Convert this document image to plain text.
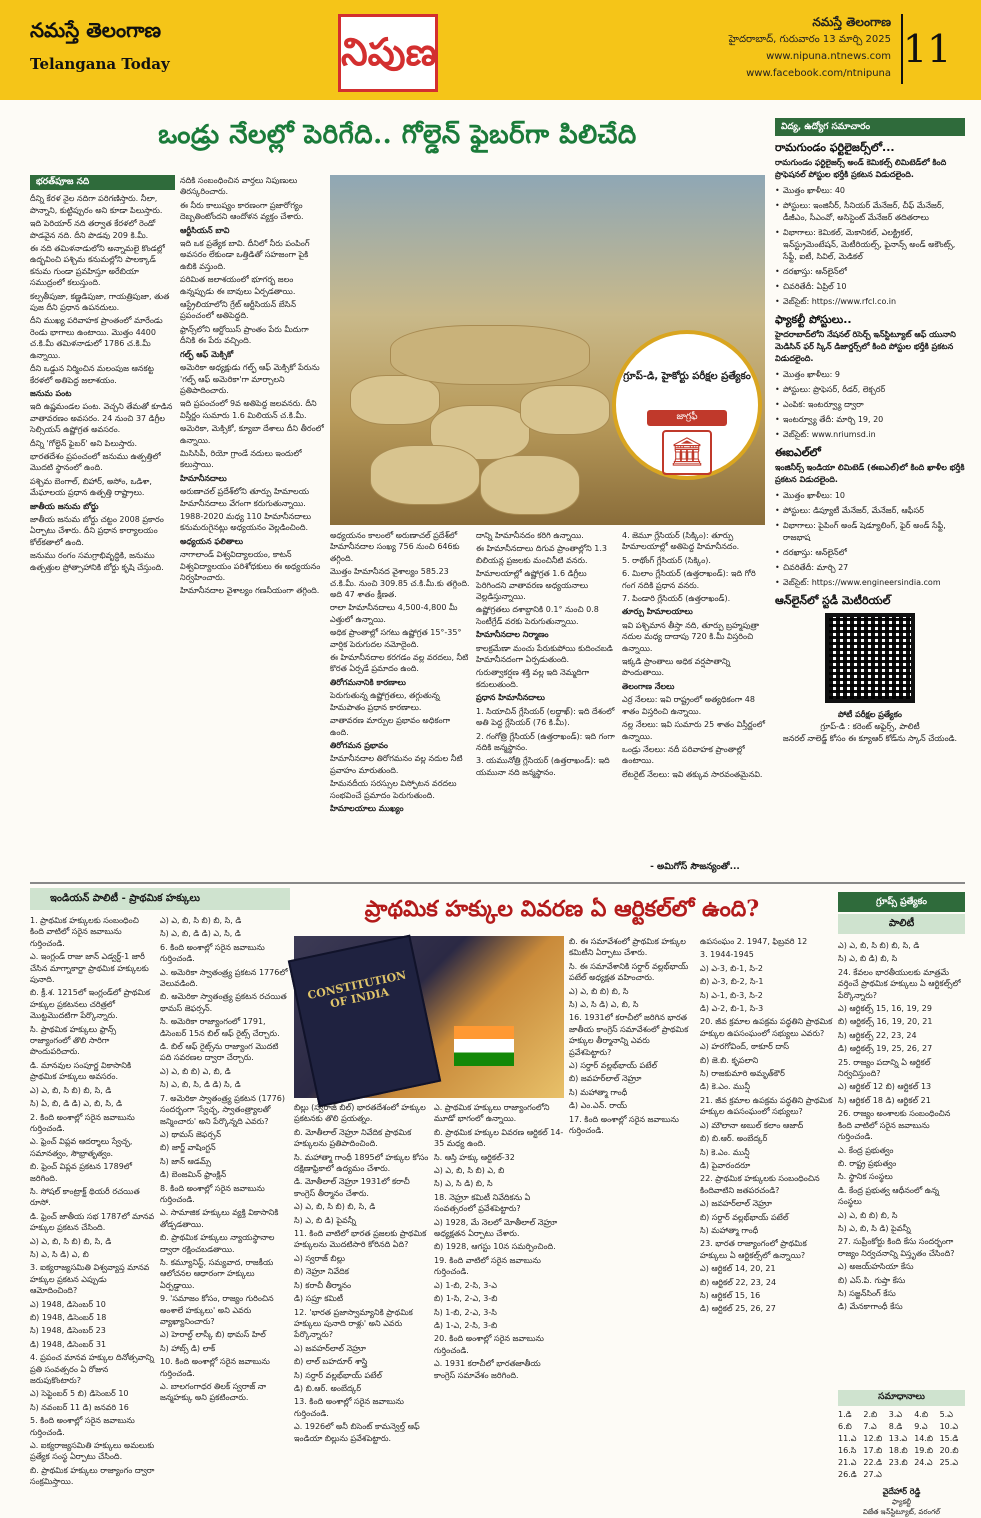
నమస్తే తెలంగాణ
Telangana Today	నిపుణ
నమస్తే తెలంగాణ
హైదరాబాద్, గురువారం 13 మార్చి 2025
www.nipuna.ntnews.com
www.facebook.com/ntnipuna
11
ఒండ్రు నేలల్లో పెరిగేది.. గోల్డెన్ ఫైబర్‌గా పిలిచేది
భరత్‌పూజ నది

దీన్ని కేరళ నైల నదిగా పరిగణిస్తారు. నీలా, పొన్నాని, కుట్టిప్పురం అని కూడా పిలుస్తారు.

ఇది పెరియార్ నది తర్వాత కేరళలో రెండో పొడవైన నది. దీని పొడవు 209 కి.మీ.

ఈ నది తమిళనాడులోని అన్నామలై కొండల్లో ఉద్భవించి పశ్చిమ కనుమల్లోని పాలక్కాడ్ కనుమ గుండా ప్రవహిస్తూ అరేబియా సముద్రంలో కలుస్తుంది.

కల్పతీపుజా, కణ్ణడిపుజా, గాయత్రిపుజా, తుత పుజ దీని ప్రధాన ఉపనదులు.

దీని ముఖ్య పరివాహక ప్రాంతంలో మారేండు రెండు భాగాలు ఉంటాయి. మొత్తం 4400 చ.కి.మీ తమిళనాడులో 1786 చ.కి.మీ ఉన్నాయి.

దీని ఒడ్డున నిర్మించిన మలంపుజ ఆనకట్ట కేరళలో అతిపెద్ద జలాశయం.

జనుమ పంట

ఇది ఉష్ణమండల పంట. వెచ్చని తేమతో కూడిన వాతావరణం అవసరం. 24 నుంచి 37 డిగ్రీల సెల్సియస్ ఉష్ణోగ్రత అవసరం.

దీన్ని 'గోల్డెన్ ఫైబర్' అని పిలుస్తారు.

భారతదేశం ప్రపంచంలో జనుము ఉత్పత్తిలో మొదటి స్థానంలో ఉంది.

పశ్చిమ బెంగాల్, బిహార్, అసోం, ఒడిశా, మేఘాలయ ప్రధాన ఉత్పత్తి రాష్ట్రాలు.

జాతీయ జనుమ బోర్డు

జాతీయ జనుమ బోర్డు చట్టం 2008 ప్రకారం ఏర్పాటు చేశారు. దీని ప్రధాన కార్యాలయం కోల్‌కతాలో ఉంది.

జనుము రంగం సమగ్రాభివృద్ధికి, జనుము ఉత్పత్తుల ప్రోత్సాహానికి బోర్డు కృషి చేస్తుంది.

నదికి సంబంధించిన వార్తలు నిపుణులు తిరస్కరించారు.

ఈ నీరు కాలుష్యం కారణంగా ప్రజారోగ్యం దెబ్బతింటోందని ఆందోళన వ్యక్తం చేశారు.

ఆర్టీసియన్ బావి

ఇది ఒక ప్రత్యేక బావి. దీనిలో నీరు పంపింగ్ అవసరం లేకుండా ఒత్తిడితో సహజంగా పైకి ఉబికి వస్తుంది.

పరిమిత జలాశయంలో భూగర్భ జలం ఉన్నప్పుడు ఈ బావులు ఏర్పడతాయి.

ఆస్ట్రేలియాలోని గ్రేట్ ఆర్టీసియన్ బేసిన్ ప్రపంచంలో అతిపెద్దది.

ఫ్రాన్స్‌లోని ఆర్టోయిస్ ప్రాంతం పేరు మీదుగా దీనికి ఈ పేరు వచ్చింది.

గల్ఫ్ ఆఫ్ మెక్సికో

అమెరికా అధ్యక్షుడు గల్ఫ్ ఆఫ్ మెక్సికో పేరును 'గల్ఫ్ ఆఫ్ అమెరికా'గా మార్చాలని ప్రతిపాదించారు.

ఇది ప్రపంచంలో 9వ అతిపెద్ద జలవనరు. దీని విస్తీర్ణం సుమారు 1.6 మిలియన్ చ.కి.మీ.

అమెరికా, మెక్సికో, క్యూబా దేశాలు దీని తీరంలో ఉన్నాయి.

మిసిసిపీ, రియో గ్రాండే నదులు ఇందులో కలుస్తాయి.

హిమానీనదాలు

అరుణాచల్ ప్రదేశ్‌లోని తూర్పు హిమాలయ హిమానీనదాలు వేగంగా కరుగుతున్నాయి.

1988-2020 మధ్య 110 హిమానీనదాలు కనుమరుగైనట్లు అధ్యయనం వెల్లడించింది.

అధ్యయన ఫలితాలు

నాగాలాండ్ విశ్వవిద్యాలయం, కాటన్ విశ్వవిద్యాలయం పరిశోధకులు ఈ అధ్యయనం నిర్వహించారు.

హిమానీనదాల వైశాల్యం గణనీయంగా తగ్గింది.

గ్రూప్-డి, హైకోర్టు పరీక్షల ప్రత్యేకం
జాగ్రఫీ
🏛

అధ్యయనం కాలంలో అరుణాచల్ ప్రదేశ్‌లో హిమానీనదాల సంఖ్య 756 నుంచి 646కు తగ్గింది.

మొత్తం హిమానీనద వైశాల్యం 585.23 చ.కి.మీ. నుంచి 309.85 చ.కి.మీ.కు తగ్గింది. అది 47 శాతం క్షీణత.

రాలా హిమానీనదాలు 4,500-4,800 మీ ఎత్తులో ఉన్నాయి.

అధిక ప్రాంతాల్లో సగటు ఉష్ణోగ్రత 15°-35° వార్షిక పెరుగుదల నమోదైంది.

ఈ హిమానీనదాల కరగడం వల్ల వరదలు, నీటి కొరత ఏర్పడే ప్రమాదం ఉంది.

తిరోగమనానికి కారణాలు

పెరుగుతున్న ఉష్ణోగ్రతలు, తగ్గుతున్న హిమపాతం ప్రధాన కారణాలు.

వాతావరణ మార్పుల ప్రభావం అధికంగా ఉంది.

తిరోగమన ప్రభావం

హిమానీనదాల తిరోగమనం వల్ల నదుల నీటి ప్రవాహం మారుతుంది.

హిమనదీయ సరస్సుల విస్ఫోటన వరదలు సంభవించే ప్రమాదం పెరుగుతుంది.

హిమాలయాలు ముఖ్యం

దాన్ని హిమానీనదం కరిగి ఉన్నాయి.

ఈ హిమానీనదాలు దిగువ ప్రాంతాల్లోని 1.3 బిలియన్ల ప్రజలకు మంచినీటి వనరు.

హిమాలయాల్లో ఉష్ణోగ్రత 1.6 డిగ్రీలు పెరిగిందని వాతావరణ అధ్యయనాలు వెల్లడిస్తున్నాయి.

ఉష్ణోగ్రతలు దశాబ్దానికి 0.1° నుంచి 0.8 సెంటీగ్రేడ్ వరకు పెరుగుతున్నాయి.

హిమానీనదాల నిర్మాణం

కాలక్రమేణా మంచు పేరుకుపోయి కుదించబడి హిమానీనదంగా ఏర్పడుతుంది.

గురుత్వాకర్షణ శక్తి వల్ల ఇది నెమ్మదిగా కదులుతుంది.

ప్రధాన హిమానీనదాలు

1. సియాచిన్ గ్లేసియర్ (లద్దాఖ్): ఇది దేశంలో అతి పెద్ద గ్లేసియర్ (76 కి.మీ).

2. గంగోత్రి గ్లేసియర్ (ఉత్తరాఖండ్): ఇది గంగా నదికి జన్మస్థానం.

3. యమునోత్రి గ్లేసియర్ (ఉత్తరాఖండ్): ఇది యమునా నది జన్మస్థానం.

4. జెమూ గ్లేసియర్ (సిక్కిం): తూర్పు హిమాలయాల్లో అతిపెద్ద హిమానీనదం.

5. రాథోంగ్ గ్లేసియర్ (సిక్కిం).

6. మిలాం గ్లేసియర్ (ఉత్తరాఖండ్): ఇది గోరి గంగ నదికి ప్రధాన వనరు.

7. పిండారి గ్లేసియర్ (ఉత్తరాఖండ్).

తూర్పు హిమాలయాలు

ఇవి పశ్చిమాన తీస్తా నది, తూర్పు బ్రహ్మపుత్రా నదుల మధ్య దాదాపు 720 కి.మీ విస్తరించి ఉన్నాయి.

ఇక్కడి ప్రాంతాలు అధిక వర్షపాతాన్ని పొందుతాయి.

తెలంగాణ నేలలు

ఎర్ర నేలలు: ఇవి రాష్ట్రంలో అత్యధికంగా 48 శాతం విస్తరించి ఉన్నాయి.

నల్ల నేలలు: ఇవి సుమారు 25 శాతం విస్తీర్ణంలో ఉన్నాయి.

ఒండ్రు నేలలు: నదీ పరివాహక ప్రాంతాల్లో ఉంటాయి.

లేటరైట్ నేలలు: ఇవి తక్కువ సారవంతమైనవి.

- అమిగోస్ సౌజన్యంతో...
విద్య, ఉద్యోగ సమాచారం
రామగుండం ఫర్టిలైజర్స్‌లో...
రామగుండం ఫర్టిలైజర్స్ అండ్ కెమికల్స్ లిమిటెడ్‌లో కింది ప్రొఫెషనల్ పోస్టుల భర్తీకి ప్రకటన విడుదలైంది.
• మొత్తం ఖాళీలు: 40
• పోస్టులు: ఇంజినీర్, సీనియర్ మేనేజర్, చీఫ్ మేనేజర్, డీజీఎం, సీఎంవో, అసిస్టెంట్ మేనేజర్ తదితరాలు
• విభాగాలు: కెమికల్, మెకానికల్, ఎలక్ట్రికల్, ఇన్‌స్ట్రుమెంటేషన్, మెటీరియల్స్, ఫైనాన్స్ అండ్ అకౌంట్స్, సేఫ్టీ, ఐటీ, సివిల్, మెడికల్
• దరఖాస్తు: ఆన్‌లైన్‌లో
• చివరితేదీ: ఏప్రిల్ 10
• వెబ్‌సైట్: https://www.rfcl.co.in
ఫ్యాకల్టీ పోస్టులు..
హైదరాబాద్‌లోని నేషనల్ రిసెర్చ్ ఇన్‌స్టిట్యూట్ ఆఫ్ యునాని మెడిసిన్ ఫర్ స్కిన్ డిజార్డర్స్‌లో కింది పోస్టుల భర్తీకి ప్రకటన విడుదలైంది.
• మొత్తం ఖాళీలు: 9
• పోస్టులు: ప్రొఫెసర్, రీడర్, లెక్చరర్
• ఎంపిక: ఇంటర్వ్యూ ద్వారా
• ఇంటర్వ్యూ తేదీ: మార్చి 19, 20
• వెబ్‌సైట్: www.nriumsd.in
ఈఐఎల్‌లో
ఇంజినీర్స్ ఇండియా లిమిటెడ్ (ఈఐఎల్)లో కింది ఖాళీల భర్తీకి ప్రకటన విడుదలైంది.
• మొత్తం ఖాళీలు: 10
• పోస్టులు: డిప్యూటీ మేనేజర్, మేనేజర్, ఆఫీసర్
• విభాగాలు: పైపింగ్ అండ్ షెడ్యూలింగ్, ఫైర్ అండ్ సేఫ్టీ, రాజభాష
• దరఖాస్తు: ఆన్‌లైన్‌లో
• చివరితేదీ: మార్చి 27
• వెబ్‌సైట్: https://www.engineersindia.com
ఆన్‌లైన్‌లో స్టడీ మెటీరియల్
పోటీ పరీక్షల ప్రత్యేకం
గ్రూప్-డి : కరెంట్ అఫైర్స్, పాలిటీ
జనరల్ నాలెడ్జ్ కోసం ఈ క్యూఆర్ కోడ్‌ను స్కాన్ చేయండి.
ఇండియన్ పాలిటీ - ప్రాథమిక హక్కులు	ప్రాథమిక హక్కుల వివరణ ఏ ఆర్టికల్‌లో ఉంది?	గ్రూప్స్ ప్రత్యేకం
పాలిటీ

1. ప్రాథమిక హక్కులకు సంబంధించి కింది వాటిలో సరైన జవాబును గుర్తించండి.

ఎ. ఇంగ్లండ్ రాజు జాన్ ఎడ్వర్డ్-1 జారీ చేసిన మాగ్నాకార్టా ప్రాథమిక హక్కులకు పునాది.

బి. క్రీ.శ. 1215లో ఇంగ్లండ్‌లో ప్రాథమిక హక్కుల ప్రకటనలు చరిత్రలో మొట్టమొదటిగా పేర్కొన్నారు.

సి. ప్రాథమిక హక్కులు ఫ్రాన్స్ రాజ్యాంగంలో తొలి సారిగా పొందుపరిచారు.

డి. మానవుల సంపూర్ణ వికాసానికి ప్రాథమిక హక్కులు అవసరం.

ఎ) ఎ, బి, సి బి) బి, సి, డి

సి) ఏ, బి, డి డి) ఎ, బి, సి, డి

2. కింది అంశాల్లో సరైన జవాబును గుర్తించండి.

ఎ. ఫ్రెంచ్ విప్లవ ఆదర్శాలు స్వేచ్ఛ, సమానత్వం, సౌభ్రాతృత్వం.

బి. ఫ్రెంచ్ విప్లవ ప్రకటన 1789లో జరిగింది.

సి. సోషల్ కాంట్రాక్ట్ థియరీ రచయిత రూసో.

డి. ఫ్రెంచ్ జాతీయ సభ 1787లో మానవ హక్కుల ప్రకటన చేసింది.

ఎ) ఎ, బి, సి బి) బి, సి, డి

సి) ఎ, సి డి) ఎ, బి

3. ఐక్యరాజ్యసమితి విశ్వవ్యాప్త మానవ హక్కుల ప్రకటన ఎప్పుడు ఆమోదించింది?

ఎ) 1948, డిసెంబర్ 10

బి) 1948, డిసెంబర్ 18

సి) 1948, డిసెంబర్ 23

డి) 1948, డిసెంబర్ 31

4. ప్రపంచ మానవ హక్కుల దినోత్సవాన్ని ప్రతి సంవత్సరం ఏ రోజున జరుపుకొంటారు?

ఎ) సెప్టెంబర్ 5 బి) డిసెంబర్ 10

సి) నవంబర్ 11 డి) జనవరి 16

5. కింది అంశాల్లో సరైన జవాబును గుర్తించండి.

ఎ. ఐక్యరాజ్యసమితి హక్కులు అమలుకు ప్రత్యేక సంస్థ ఏర్పాటు చేసింది.

బి. ప్రాథమిక హక్కులు రాజ్యాంగం ద్వారా సంక్రమిస్తాయి.

ఎ) ఎ, బి, సి బి) బి, సి, డి

సి) ఎ, బి, డి డి) ఎ, సి, డి

6. కింది అంశాల్లో సరైన జవాబును గుర్తించండి.

ఎ. అమెరికా స్వాతంత్ర్య ప్రకటన 1776లో వెలువడింది.

బి. అమెరికా స్వాతంత్ర్య ప్రకటన రచయిత థామస్ జెఫర్సన్.

సి. అమెరికా రాజ్యాంగంలో 1791, డిసెంబర్ 15న బిల్ ఆఫ్ రైట్స్ చేర్చారు.

డి. బిల్ ఆఫ్ రైట్స్‌ను రాజ్యాంగ మొదటి పది సవరణల ద్వారా చేర్చారు.

ఎ) ఎ, బి బి) ఎ, బి, డి

సి) ఎ, బి, సి, డి డి) సి, డి

7. అమెరికా స్వాతంత్ర్య ప్రకటన (1776) సందర్భంగా 'స్వేచ్ఛ, స్వాతంత్ర్యాలతో జన్మించారు' అని పేర్కొన్నది ఎవరు?

ఎ) థామస్ జెఫర్సన్

బి) జార్జ్ వాషింగ్టన్

సి) జాన్ ఆడమ్స్

డి) బెంజమిన్ ఫ్రాంక్లిన్

8. కింది అంశాల్లో సరైన జవాబును గుర్తించండి.

ఎ. సామాజిక హక్కులు వ్యక్తి వికాసానికి తోడ్పడతాయి.

బి. ప్రాథమిక హక్కులు న్యాయస్థానాల ద్వారా రక్షించబడతాయి.

సి. కమ్యూనిస్ట్, సమ్యవాద, రాజకీయ ఆలోచనల ఆధారంగా హక్కులు ఏర్పడ్డాయి.

9. 'సమాజం కోసం, రాజ్యం గురించిన అంశాలే హక్కులు' అని ఎవరు వ్యాఖ్యానించారు?

ఎ) హెరాల్డ్ లాస్కీ బి) థామస్ హిల్

సి) హాబ్స్ డి) లాక్

10. కింది అంశాల్లో సరైన జవాబును గుర్తించండి.

ఎ. బాలగంగాధర తిలక్ స్వరాజ్ నా జన్మహక్కు అని ప్రకటించారు.

CONSTITUTION OF INDIA

బిల్లు (స్వరాజ్ బిల్) భారతదేశంలో హక్కుల ప్రకటనకు తొలి ప్రయత్నం.

బి. మోతీలాల్ నెహ్రూ నివేదిక ప్రాథమిక హక్కులను ప్రతిపాదించింది.

సి. మహాత్మా గాంధీ 1895లో హక్కుల కోసం దక్షిణాఫ్రికాలో ఉద్యమం చేశారు.

డి. మోతీలాల్ నెహ్రూ 1931లో కరాచీ కాంగ్రెస్ తీర్మానం చేశారు.

ఎ) ఎ, బి, సి బి) బి, సి, డి

సి) ఎ, బి డి) పైవన్నీ

11. కింది వాటిలో భారత ప్రజలకు ప్రాథమిక హక్కులను మొదటిసారి కోరినది ఏది?

ఎ) స్వరాజ్ బిల్లు

బి) నెహ్రూ నివేదిక

సి) కరాచీ తీర్మానం

డి) సప్రూ కమిటీ

12. 'భారత ప్రజాస్వామ్యానికి ప్రాథమిక హక్కులు పునాది రాళ్లు' అని ఎవరు పేర్కొన్నారు?

ఎ) జవహర్‌లాల్ నెహ్రూ

బి) లాల్ బహదూర్ శాస్త్రి

సి) సర్దార్ వల్లభ్‌భాయ్ పటేల్

డి) బి.ఆర్. అంబేద్కర్

13. కింది అంశాల్లో సరైన జవాబును గుర్తించండి.

ఎ. 1926లో అనీ బిసెంట్ కామన్వెల్త్ ఆఫ్ ఇండియా బిల్లును ప్రవేశపెట్టారు.

ఎ. ప్రాథమిక హక్కులు రాజ్యాంగంలోని మూడో భాగంలో ఉన్నాయి.

బి. ప్రాథమిక హక్కుల వివరణ ఆర్టికల్ 14-35 మధ్య ఉంది.

సి. ఆస్తి హక్కు ఆర్టికల్-32

ఎ) ఎ, బి, సి బి) ఎ, బి

సి) ఎ, సి డి) బి, సి

18. నెహ్రూ కమిటీ నివేదికను ఏ సంవత్సరంలో ప్రవేశపెట్టారు?

ఎ) 1928, మే నెలలో మోతీలాల్ నెహ్రూ అధ్యక్షతన ఏర్పాటు చేశారు.

బి) 1928, ఆగస్టు 10న సమర్పించింది.

19. కింది వాటిలో సరైన జవాబును గుర్తించండి.

ఎ) 1-బి, 2-సి, 3-ఎ

బి) 1-సి, 2-ఎ, 3-బి

సి) 1-బి, 2-ఎ, 3-సి

డి) 1-ఎ, 2-సి, 3-బి

20. కింది అంశాల్లో సరైన జవాబును గుర్తించండి.

ఎ. 1931 కరాచీలో భారతజాతీయ కాంగ్రెస్ సమావేశం జరిగింది.

బి. ఈ సమావేశంలో ప్రాథమిక హక్కుల కమిటీని ఏర్పాటు చేశారు.

సి. ఈ సమావేశానికి సర్దార్ వల్లభ్‌భాయ్ పటేల్ అధ్యక్షత వహించారు.

ఎ) ఎ, బి బి) బి, సి

సి) ఎ, సి డి) ఎ, బి, సి

16. 1931లో కరాచీలో జరిగిన భారత జాతీయ కాంగ్రెస్ సమావేశంలో ప్రాథమిక హక్కుల తీర్మానాన్ని ఎవరు ప్రవేశపెట్టారు?

ఎ) సర్దార్ వల్లభ్‌భాయ్ పటేల్

బి) జవహర్‌లాల్ నెహ్రూ

సి) మహాత్మా గాంధీ

డి) ఎం.ఎన్. రాయ్

17. కింది అంశాల్లో సరైన జవాబును గుర్తించండి.

ఉపసంఘం 2. 1947, ఫిబ్రవరి 12

3. 1944-1945

ఎ) ఎ-3, బి-1, సి-2

బి) ఎ-3, బి-2, సి-1

సి) ఎ-1, బి-3, సి-2

డి) ఎ-2, బి-1, సి-3

20. జీవ క్రమాల ఉపక్రమ పద్ధతిని ప్రాథమిక హక్కుల ఉపసంఘంలో సభ్యులు ఎవరు?

ఎ) హరగోవింద్, ఠాకూర్ దాస్

బి) జె.బి. కృపలాని

సి) రాజకుమారి అమృత్‌కౌర్

డి) కె.ఎం. మున్షీ

21. జీవ క్రమాల ఉపక్రమ పద్ధతిని ప్రాథమిక హక్కుల ఉపసంఘంలో సభ్యులు?

ఎ) మౌలానా అబుల్ కలాం ఆజాద్

బి) బి.ఆర్. అంబేద్కర్

సి) కె.ఎం. మున్షీ

డి) పైవారందరూ

22. ప్రాథమిక హక్కులకు సంబంధించిన కిందివాటిని జతపరచండి?

ఎ) జవహర్‌లాల్ నెహ్రూ

బి) సర్దార్ వల్లభ్‌భాయ్ పటేల్

సి) మహాత్మా గాంధీ

23. భారత రాజ్యాంగంలో ప్రాథమిక హక్కులు ఏ ఆర్టికల్స్‌లో ఉన్నాయి?

ఎ) ఆర్టికల్ 14, 20, 21

బి) ఆర్టికల్ 22, 23, 24

సి) ఆర్టికల్ 15, 16

డి) ఆర్టికల్ 25, 26, 27

ఎ) ఎ, బి, సి బి) బి, సి, డి

సి) ఎ, బి డి) బి, సి

24. కేవలం భారతీయులకు మాత్రమే వర్తించే ప్రాథమిక హక్కులు ఏ ఆర్టికల్స్‌లో పేర్కొన్నారు?

ఎ) ఆర్టికల్స్ 15, 16, 19, 29

బి) ఆర్టికల్స్ 16, 19, 20, 21

సి) ఆర్టికల్స్ 22, 23, 24

డి) ఆర్టికల్స్ 19, 25, 26, 27

25. రాజ్యం పదాన్ని ఏ ఆర్టికల్ నిర్వచిస్తుంది?

ఎ) ఆర్టికల్ 12 బి) ఆర్టికల్ 13

సి) ఆర్టికల్ 18 డి) ఆర్టికల్ 21

26. రాజ్యం అంశాలకు సంబంధించిన కింది వాటిలో సరైన జవాబును గుర్తించండి.

ఎ. కేంద్ర ప్రభుత్వం

బి. రాష్ట్ర ప్రభుత్వం

సి. స్థానిక సంస్థలు

డి. కేంద్ర ప్రభుత్వ ఆధీనంలో ఉన్న సంస్థలు

ఎ) ఎ, బి బి) బి, సి

సి) ఎ, బి, సి డి) పైవన్నీ

27. సుప్రీంకోర్టు కింది కేసు సందర్భంగా రాజ్యం నిర్వచనాన్ని విస్తృతం చేసింది?

ఎ) అజయ్‌హసియా కేసు

బి) ఎస్.పి. గుప్తా కేసు

సి) సజ్జన్‌సింగ్ కేసు

డి) మేనకాగాంధీ కేసు

సమాధానాలు
1.డి	2.బి	3.ఎ	4.బి	5.ఎ
6.బి	7.ఎ	8.డి	9.ఎ	10.ఎ
11.ఎ 12.బి 13.ఎ 14.బి 15.డి
16.సి 17.బి 18.బి 19.బి 20.బి
21.ఎ 22.డి 23.బి 24.ఎ 25.ఎ
26.డి 27.ఎ
వైదేహార్ రెడ్డి
ఫ్యాకల్టీ
విజేత ఇన్‌స్టిట్యూట్, వరంగల్
